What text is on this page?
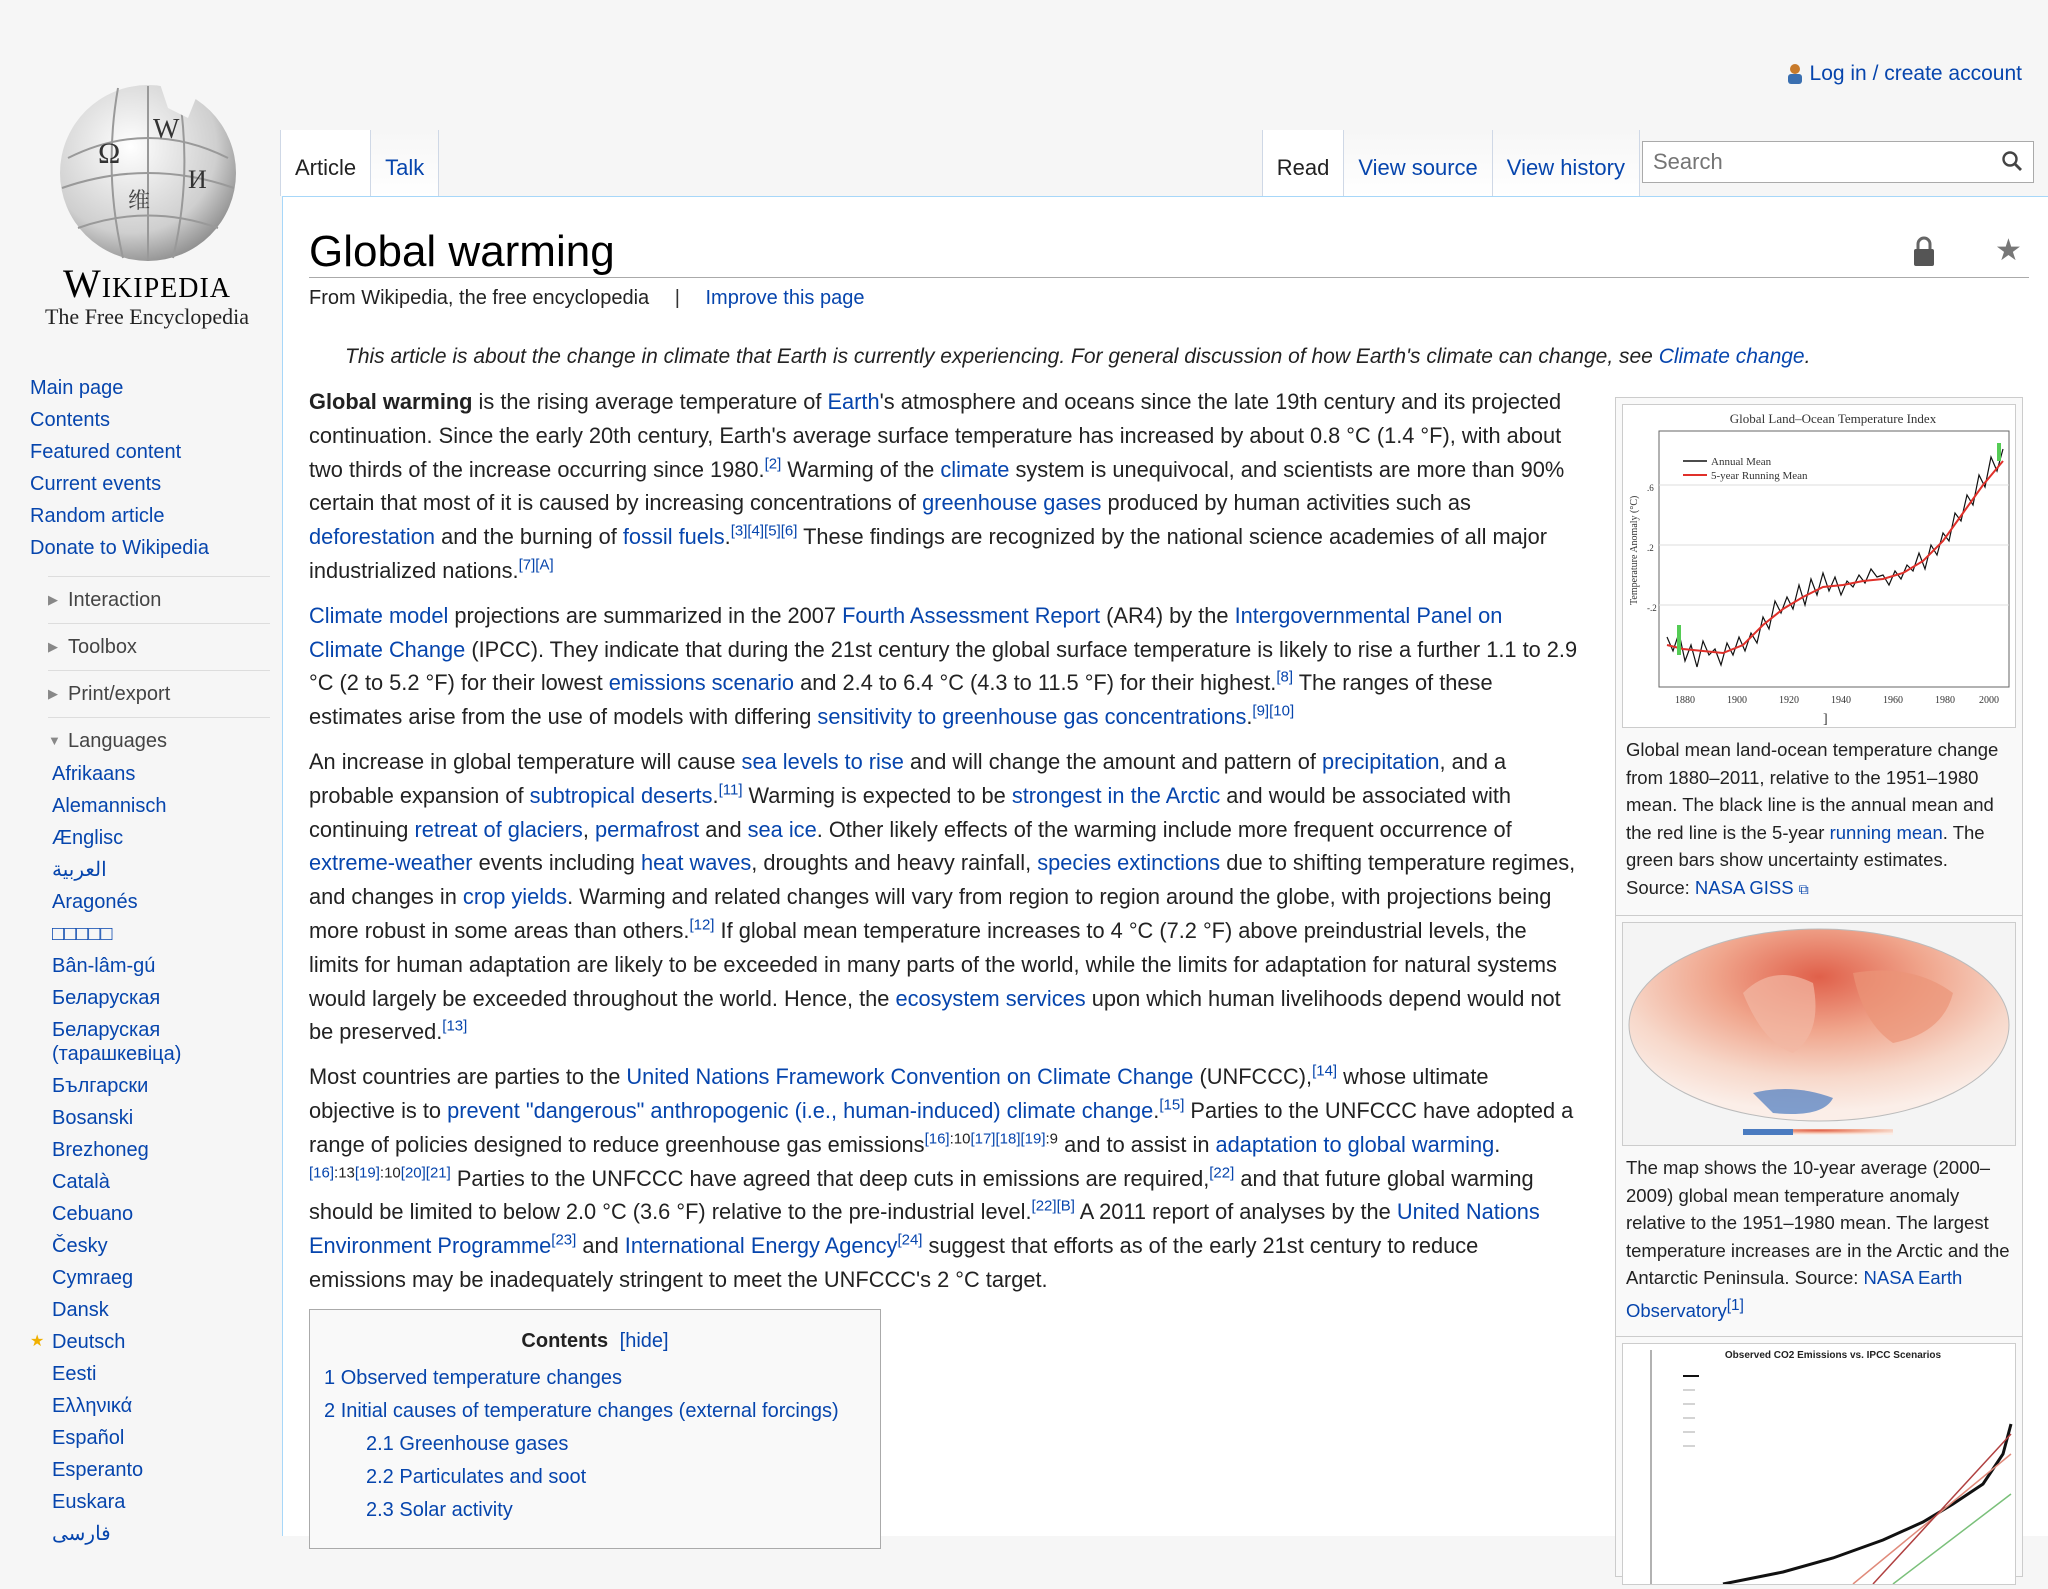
Log in / create account
Ω
W
И
维
Wikipedia
The Free Encyclopedia
Main page
Contents
Featured content
Current events
Random article
Donate to Wikipedia
▶ Interaction
▶ Toolbox
▶ Print/export
▼ Languages
Afrikaans
Alemannisch
Ænglisc
العربية
Aragonés
□□□□□
Bân-lâm-gú
Беларуская
Беларуская (тарашкевіца)
Български
Bosanski
Brezhoneg
Català
Cebuano
Česky
Cymraeg
Dansk
★ Deutsch
Eesti
Ελληνικά
Español
Esperanto
Euskara
فارسی
Article	Talk	Read	View source	View history
Search
Global warming	★
From Wikipedia, the free encyclopedia | Improve this page
This article is about the change in climate that Earth is currently experiencing. For general discussion of how Earth's climate can change, see Climate change.

Global warming is the rising average temperature of Earth's atmosphere and oceans since the late 19th century and its projected continuation. Since the early 20th century, Earth's average surface temperature has increased by about 0.8 °C (1.4 °F), with about two thirds of the increase occurring since 1980.[2] Warming of the climate system is unequivocal, and scientists are more than 90% certain that most of it is caused by increasing concentrations of greenhouse gases produced by human activities such as deforestation and the burning of fossil fuels.[3][4][5][6] These findings are recognized by the national science academies of all major industrialized nations.[7][A]

Climate model projections are summarized in the 2007 Fourth Assessment Report (AR4) by the Intergovernmental Panel on Climate Change (IPCC). They indicate that during the 21st century the global surface temperature is likely to rise a further 1.1 to 2.9 °C (2 to 5.2 °F) for their lowest emissions scenario and 2.4 to 6.4 °C (4.3 to 11.5 °F) for their highest.[8] The ranges of these estimates arise from the use of models with differing sensitivity to greenhouse gas concentrations.[9][10]

An increase in global temperature will cause sea levels to rise and will change the amount and pattern of precipitation, and a probable expansion of subtropical deserts.[11] Warming is expected to be strongest in the Arctic and would be associated with continuing retreat of glaciers, permafrost and sea ice. Other likely effects of the warming include more frequent occurrence of extreme-weather events including heat waves, droughts and heavy rainfall, species extinctions due to shifting temperature regimes, and changes in crop yields. Warming and related changes will vary from region to region around the globe, with projections being more robust in some areas than others.[12] If global mean temperature increases to 4 °C (7.2 °F) above preindustrial levels, the limits for human adaptation are likely to be exceeded in many parts of the world, while the limits for adaptation for natural systems would largely be exceeded throughout the world. Hence, the ecosystem services upon which human livelihoods depend would not be preserved.[13]

Most countries are parties to the United Nations Framework Convention on Climate Change (UNFCCC),[14] whose ultimate objective is to prevent "dangerous" anthropogenic (i.e., human-induced) climate change.[15] Parties to the UNFCCC have adopted a range of policies designed to reduce greenhouse gas emissions$^{[16]:10[17][18][19]:9}$ and to assist in adaptation to global warming.[16]:13[19]:10[20][21] Parties to the UNFCCC have agreed that deep cuts in emissions are required,[22] and that future global warming should be limited to below 2.0 °C (3.6 °F) relative to the pre-industrial level.[22][B] A 2011 report of analyses by the United Nations Environment Programme[23] and International Energy Agency[24] suggest that efforts as of the early 21st century to reduce emissions may be inadequately stringent to meet the UNFCCC's 2 °C target.

Global Land–Ocean Temperature Index
Annual Mean
5-year Running Mean
1880	1900	1920	1940	1960	1980 2000
Temperature Anomaly (°C)
.6
.2
-.2
]
Global mean land-ocean temperature change from 1880–2011, relative to the 1951–1980 mean. The black line is the annual mean and the red line is the 5-year running mean. The green bars show uncertainty estimates. Source: NASA GISS ⧉
The map shows the 10-year average (2000–2009) global mean temperature anomaly relative to the 1951–1980 mean. The largest temperature increases are in the Arctic and the Antarctic Peninsula. Source: NASA Earth Observatory[1]
Observed CO2 Emissions vs. IPCC Scenarios
Contents [hide]
1 Observed temperature changes
2 Initial causes of temperature changes (external forcings)
2.1 Greenhouse gases
2.2 Particulates and soot
2.3 Solar activity
